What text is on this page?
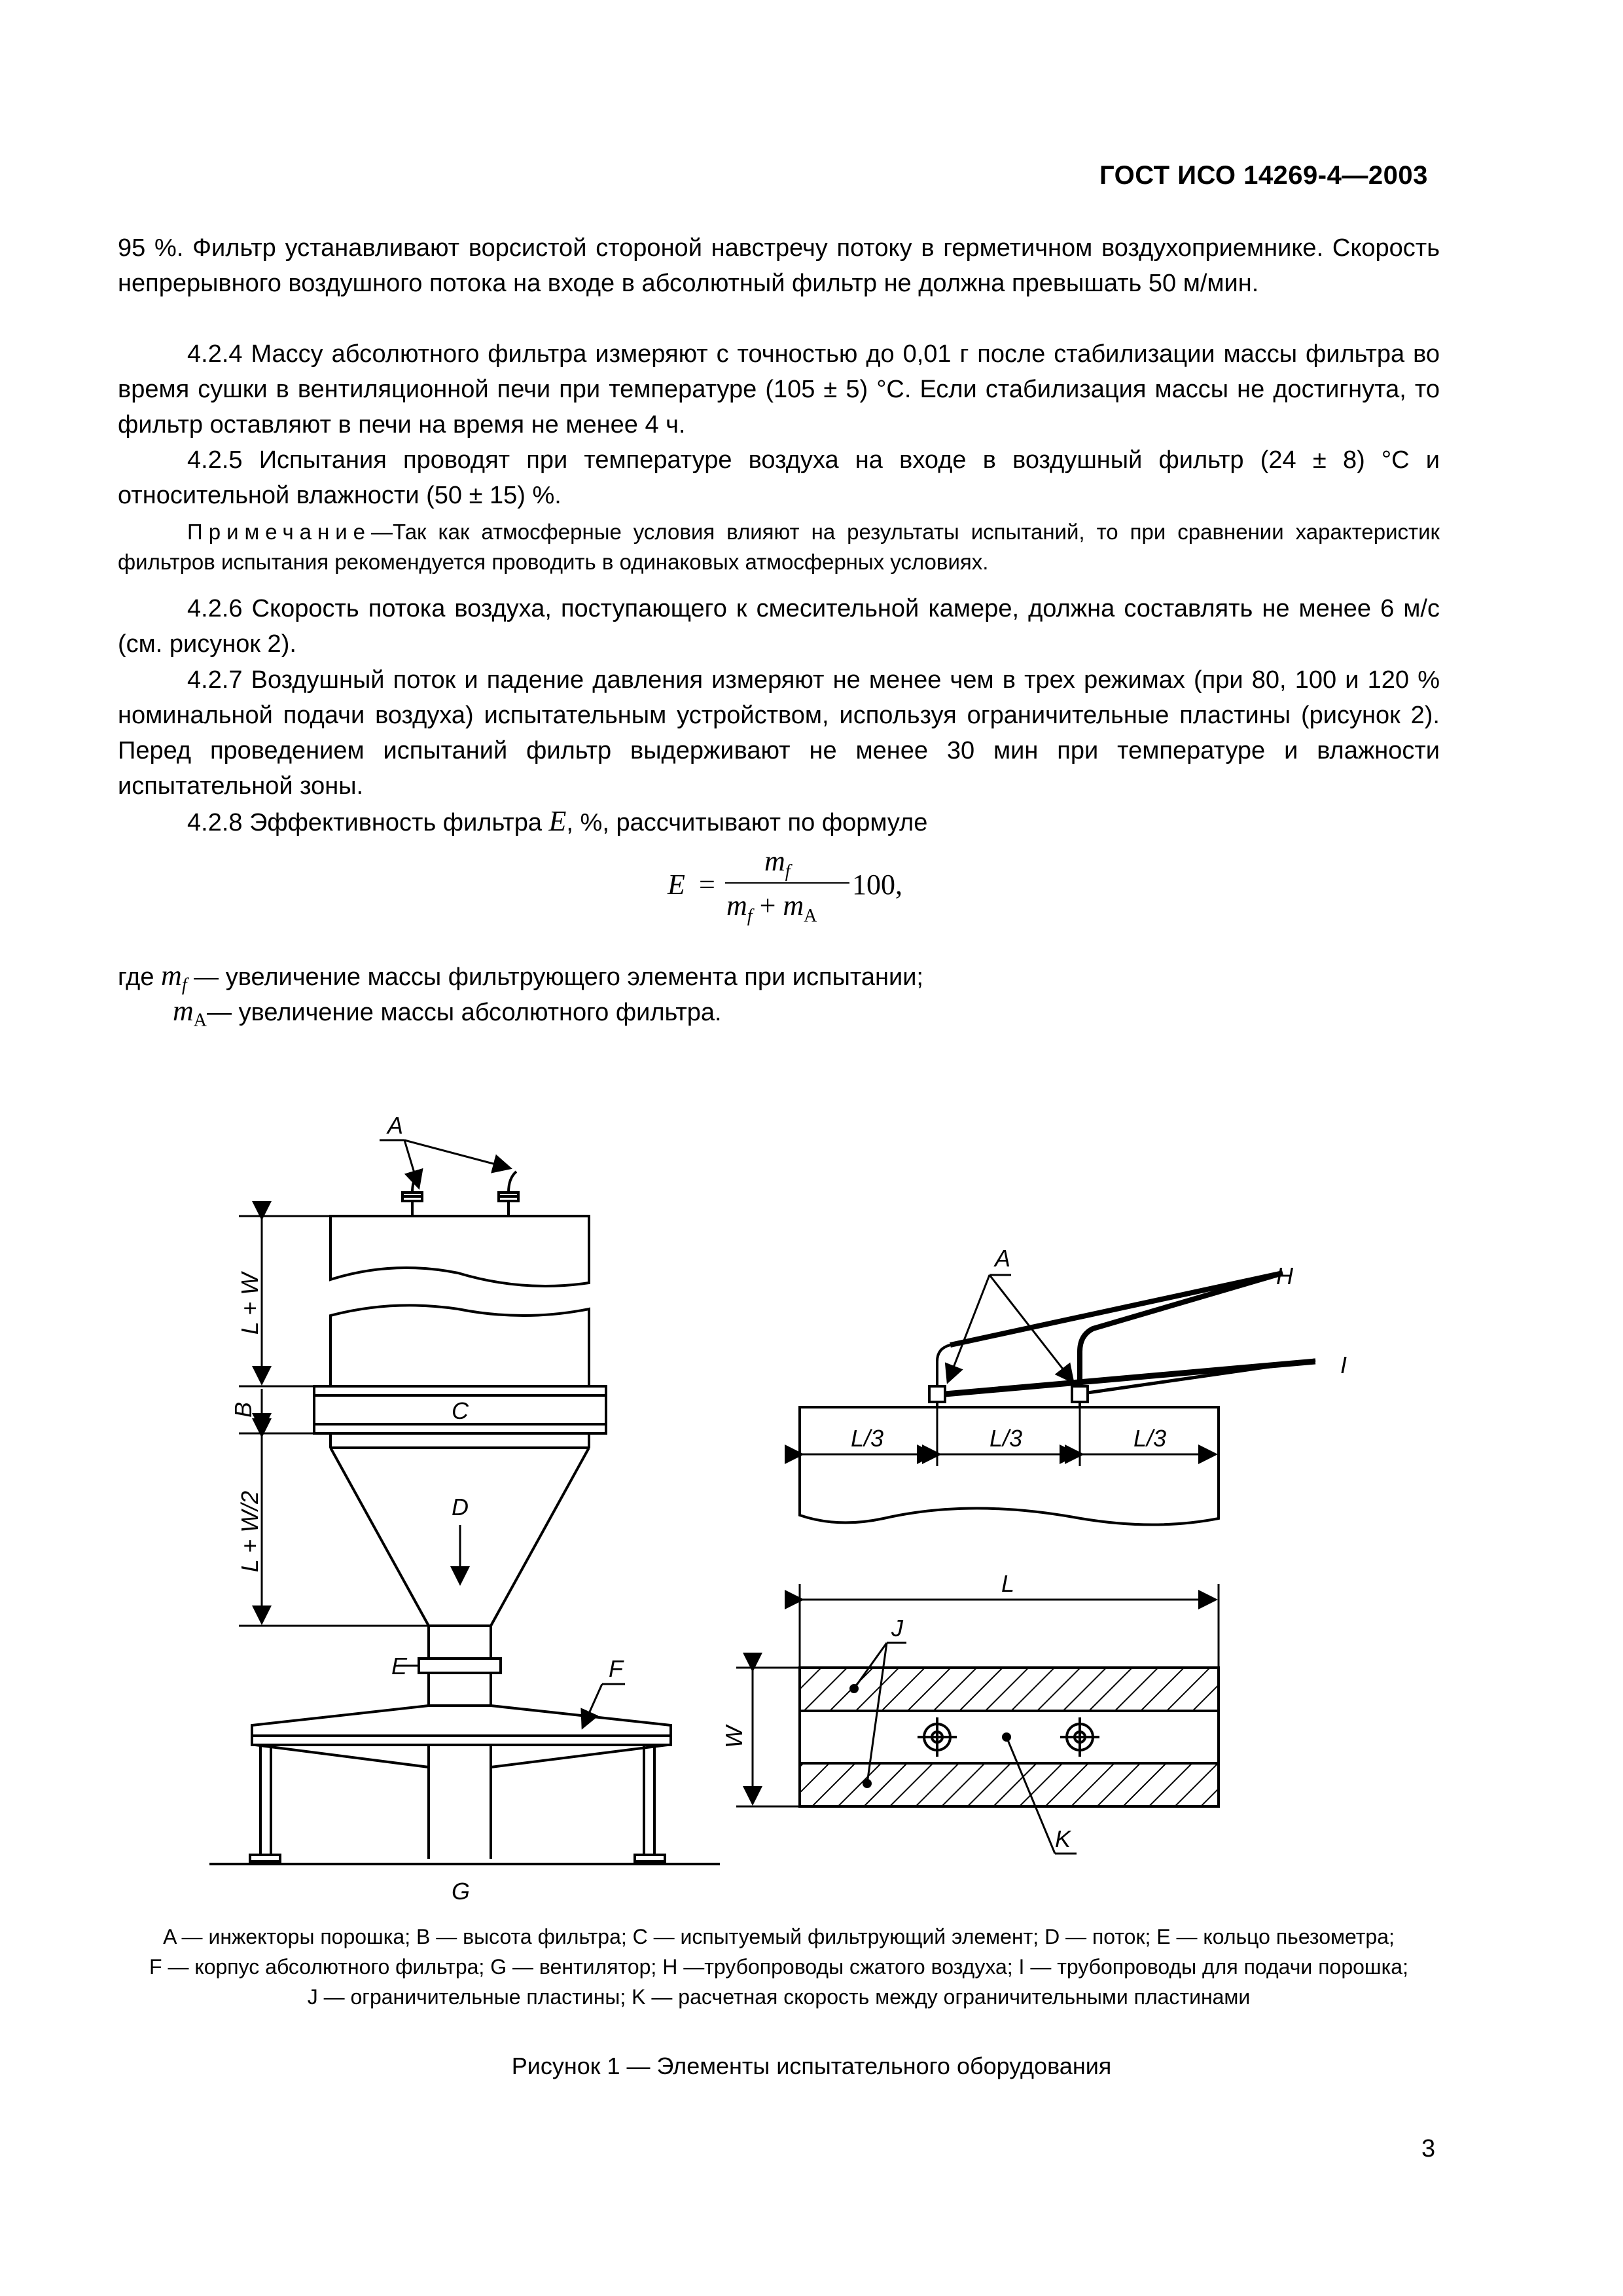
ГОСТ ИСО 14269-4—2003
95 %. Фильтр устанавливают ворсистой стороной навстречу потоку в герметичном воздухоприемнике. Скорость непрерывного воздушного потока на входе в абсолютный фильтр не должна превышать 50 м/мин.
4.2.4 Массу абсолютного фильтра измеряют с точностью до 0,01 г после стабилизации массы фильтра во время сушки в вентиляционной печи при температуре (105 ± 5) °С. Если стабилизация массы не достигнута, то фильтр оставляют в печи на время не менее 4 ч.
4.2.5 Испытания проводят при температуре воздуха на входе в воздушный фильтр (24 ± 8) °С и относительной влажности (50 ± 15) %.
Примечание—Так как атмосферные условия влияют на результаты испытаний, то при сравнении характеристик фильтров испытания рекомендуется проводить в одинаковых атмосферных условиях.
4.2.6 Скорость потока воздуха, поступающего к смесительной камере, должна составлять не менее 6 м/с (см. рисунок 2).
4.2.7 Воздушный поток и падение давления измеряют не менее чем в трех режимах (при 80, 100 и 120 % номинальной подачи воздуха) испытательным устройством, используя ограничительные пластины (рисунок 2). Перед проведением испытаний фильтр выдерживают не менее 30 мин при температуре и влажности испытательной зоны.
4.2.8 Эффективность фильтра E, %, рассчитывают по формуле
E =
$m_f$
$m_f + m_A$
100,
где $m_f$ — увеличение массы фильтрующего элемента при испытании;
$m_A—$ увеличение массы абсолютного фильтра.
A
L + W
B	C
L + W/2	D
E	F
G
A
H
I
L/3	L/3	L/3
L
J
W
K
A — инжекторы порошка; B — высота фильтра; C — испытуемый фильтрующий элемент; D — поток; E — кольцо пьезометра;
F — корпус абсолютного фильтра; G — вентилятор; H —трубопроводы сжатого воздуха; I — трубопроводы для подачи порошка;
J — ограничительные пластины; K — расчетная скорость между ограничительными пластинами
Рисунок 1 — Элементы испытательного оборудования
3
